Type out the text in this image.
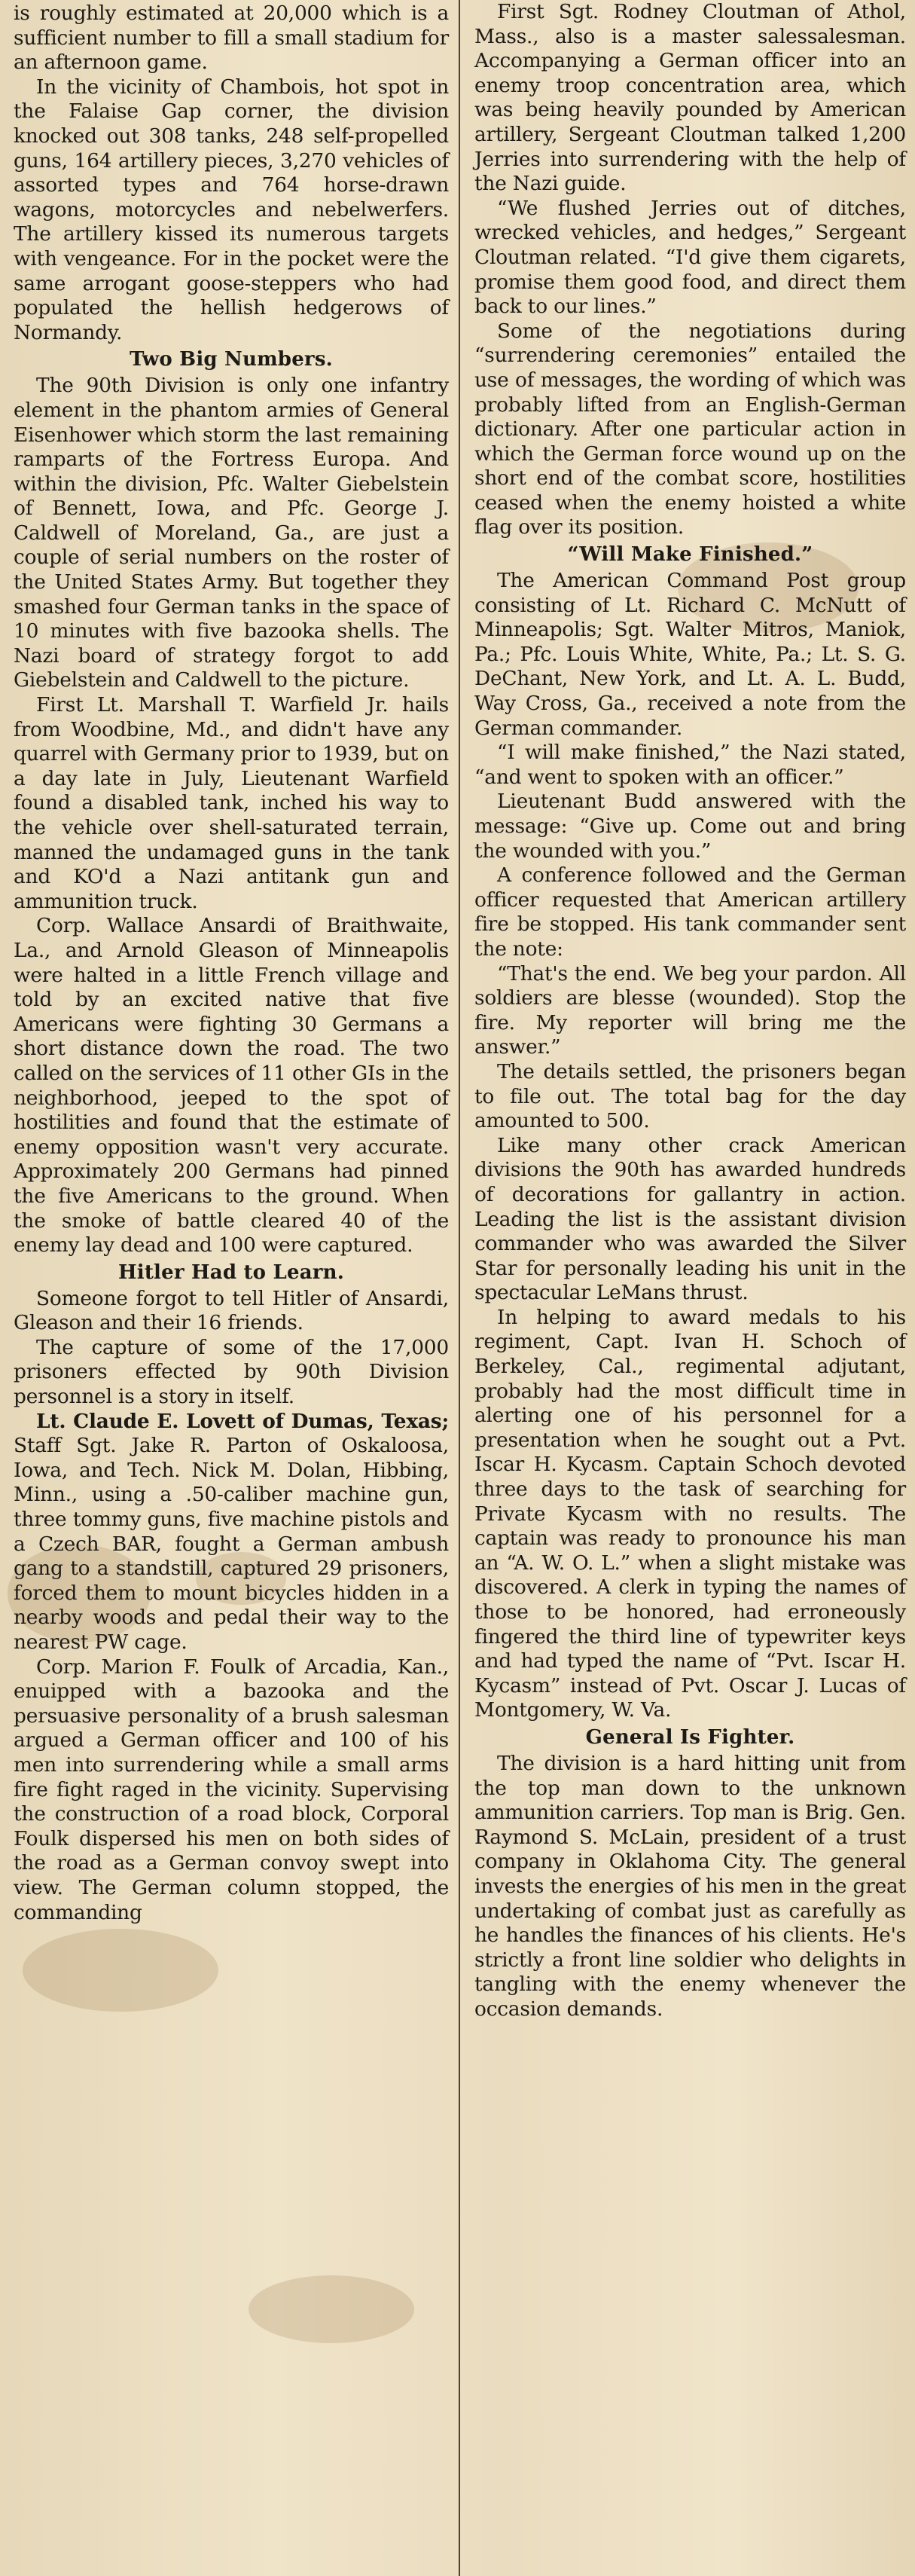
is roughly estimated at 20,000 which is a sufficient number to fill a small stadium for an afternoon game.

In the vicinity of Chambois, hot spot in the Falaise Gap corner, the division knocked out 308 tanks, 248 self-propelled guns, 164 artillery pieces, 3,270 vehicles of assorted types and 764 horse-drawn wagons, motorcycles and nebelwerfers. The artillery kissed its numerous targets with vengeance. For in the pocket were the same arrogant goose-steppers who had populated the hellish hedgerows of Normandy.

Two Big Numbers.

The 90th Division is only one infantry element in the phantom armies of General Eisenhower which storm the last remaining ramparts of the Fortress Europa. And within the division, Pfc. Walter Giebelstein of Bennett, Iowa, and Pfc. George J. Caldwell of Moreland, Ga., are just a couple of serial numbers on the roster of the United States Army. But together they smashed four German tanks in the space of 10 minutes with five bazooka shells. The Nazi board of strategy forgot to add Giebelstein and Caldwell to the picture.

First Lt. Marshall T. Warfield Jr. hails from Woodbine, Md., and didn't have any quarrel with Germany prior to 1939, but on a day late in July, Lieutenant Warfield found a disabled tank, inched his way to the vehicle over shell-saturated terrain, manned the undamaged guns in the tank and KO'd a Nazi antitank gun and ammunition truck.

Corp. Wallace Ansardi of Braithwaite, La., and Arnold Gleason of Minneapolis were halted in a little French village and told by an excited native that five Americans were fighting 30 Germans a short distance down the road. The two called on the services of 11 other GIs in the neighborhood, jeeped to the spot of hostilities and found that the estimate of enemy opposition wasn't very accurate. Approximately 200 Germans had pinned the five Americans to the ground. When the smoke of battle cleared 40 of the enemy lay dead and 100 were captured.

Hitler Had to Learn.

Someone forgot to tell Hitler of Ansardi, Gleason and their 16 friends.

The capture of some of the 17,000 prisoners effected by 90th Division personnel is a story in itself.

Lt. Claude E. Lovett of Dumas, Texas; Staff Sgt. Jake R. Parton of Oskaloosa, Iowa, and Tech. Nick M. Dolan, Hibbing, Minn., using a .50-caliber machine gun, three tommy guns, five machine pistols and a Czech BAR, fought a German ambush gang to a standstill, captured 29 prisoners, forced them to mount bicycles hidden in a nearby woods and pedal their way to the nearest PW cage.

Corp. Marion F. Foulk of Arcadia, Kan., enuipped with a bazooka and the persuasive personality of a brush salesman argued a German officer and 100 of his men into surrendering while a small arms fire fight raged in the vicinity. Supervising the construction of a road block, Corporal Foulk dispersed his men on both sides of the road as a German convoy swept into view. The German column stopped, the commanding

First Sgt. Rodney Cloutman of Athol, Mass., also is a master salessalesman. Accompanying a German officer into an enemy troop concentration area, which was being heavily pounded by American artillery, Sergeant Cloutman talked 1,200 Jerries into surrendering with the help of the Nazi guide.

“We flushed Jerries out of ditches, wrecked vehicles, and hedges,” Sergeant Cloutman related. “I'd give them cigarets, promise them good food, and direct them back to our lines.”

Some of the negotiations during “surrendering ceremonies” entailed the use of messages, the wording of which was probably lifted from an English-German dictionary. After one particular action in which the German force wound up on the short end of the combat score, hostilities ceased when the enemy hoisted a white flag over its position.

“Will Make Finished.”

The American Command Post group consisting of Lt. Richard C. McNutt of Minneapolis; Sgt. Walter Mitros, Maniok, Pa.; Pfc. Louis White, White, Pa.; Lt. S. G. DeChant, New York, and Lt. A. L. Budd, Way Cross, Ga., received a note from the German commander.

“I will make finished,” the Nazi stated, “and went to spoken with an officer.”

Lieutenant Budd answered with the message: “Give up. Come out and bring the wounded with you.”

A conference followed and the German officer requested that American artillery fire be stopped. His tank commander sent the note:

“That's the end. We beg your pardon. All soldiers are blesse (wounded). Stop the fire. My reporter will bring me the answer.”

The details settled, the prisoners began to file out. The total bag for the day amounted to 500.

Like many other crack American divisions the 90th has awarded hundreds of decorations for gallantry in action. Leading the list is the assistant division commander who was awarded the Silver Star for personally leading his unit in the spectacular LeMans thrust.

In helping to award medals to his regiment, Capt. Ivan H. Schoch of Berkeley, Cal., regimental adjutant, probably had the most difficult time in alerting one of his personnel for a presentation when he sought out a Pvt. Iscar H. Kycasm. Captain Schoch devoted three days to the task of searching for Private Kycasm with no results. The captain was ready to pronounce his man an “A. W. O. L.” when a slight mistake was discovered. A clerk in typing the names of those to be honored, had erroneously fingered the third line of typewriter keys and had typed the name of “Pvt. Iscar H. Kycasm” instead of Pvt. Oscar J. Lucas of Montgomery, W. Va.

General Is Fighter.

The division is a hard hitting unit from the top man down to the unknown ammunition carriers. Top man is Brig. Gen. Raymond S. McLain, president of a trust company in Oklahoma City. The general invests the energies of his men in the great undertaking of combat just as carefully as he handles the finances of his clients. He's strictly a front line soldier who delights in tangling with the enemy whenever the occasion demands.
